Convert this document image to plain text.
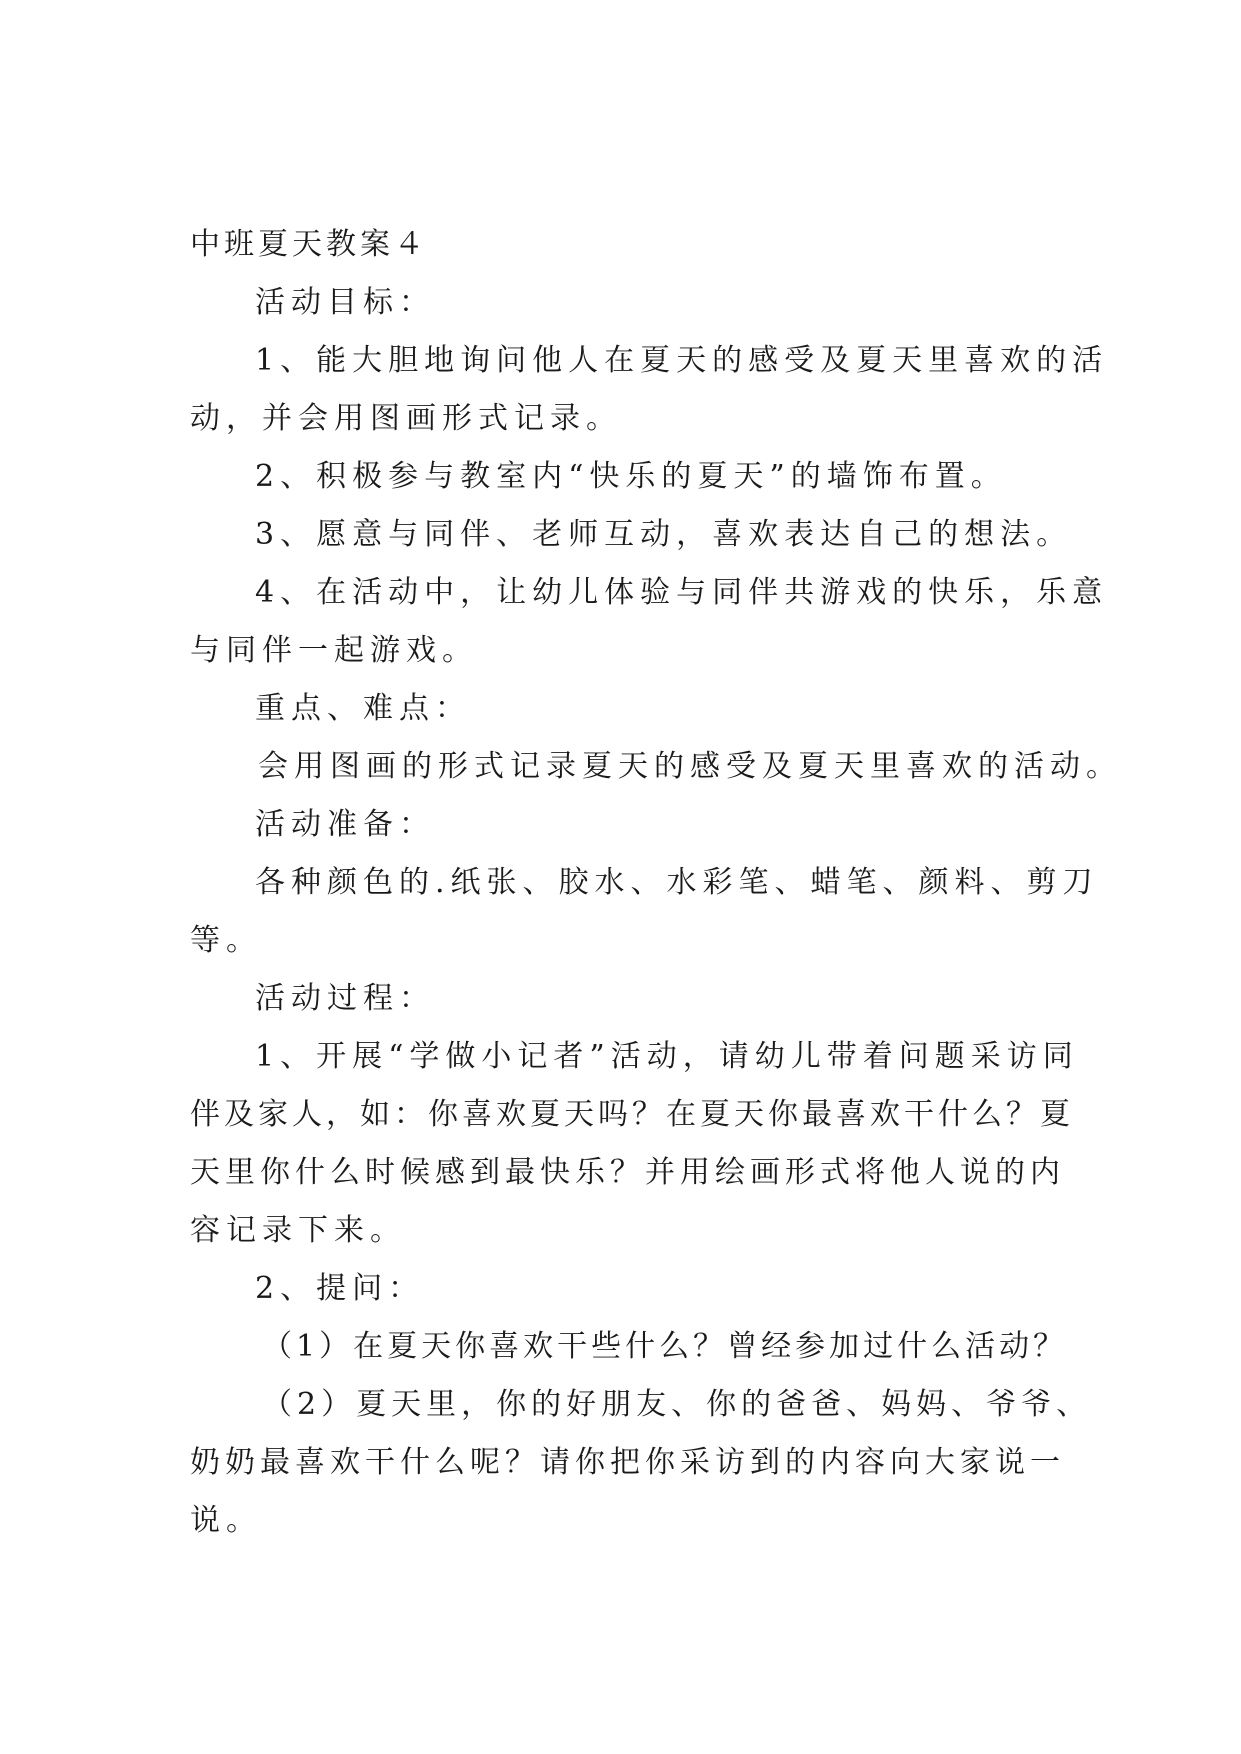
中班夏天教案４
活动目标：
1、能大胆地询问他人在夏天的感受及夏天里喜欢的活
动，并会用图画形式记录。
2、积极参与教室内“快乐的夏天”的墙饰布置。
3、愿意与同伴、老师互动，喜欢表达自己的想法。
4、在活动中，让幼儿体验与同伴共游戏的快乐，乐意
与同伴一起游戏。
重点、难点：
会用图画的形式记录夏天的感受及夏天里喜欢的活动。
活动准备：
各种颜色的.纸张、胶水、水彩笔、蜡笔、颜料、剪刀
等。
活动过程：
1、开展“学做小记者”活动，请幼儿带着问题采访同
伴及家人，如：你喜欢夏天吗？在夏天你最喜欢干什么？夏
天里你什么时候感到最快乐？并用绘画形式将他人说的内
容记录下来。
2、提问：
（1）在夏天你喜欢干些什么？曾经参加过什么活动？
（2）夏天里，你的好朋友、你的爸爸、妈妈、爷爷、
奶奶最喜欢干什么呢？请你把你采访到的内容向大家说一
说。
